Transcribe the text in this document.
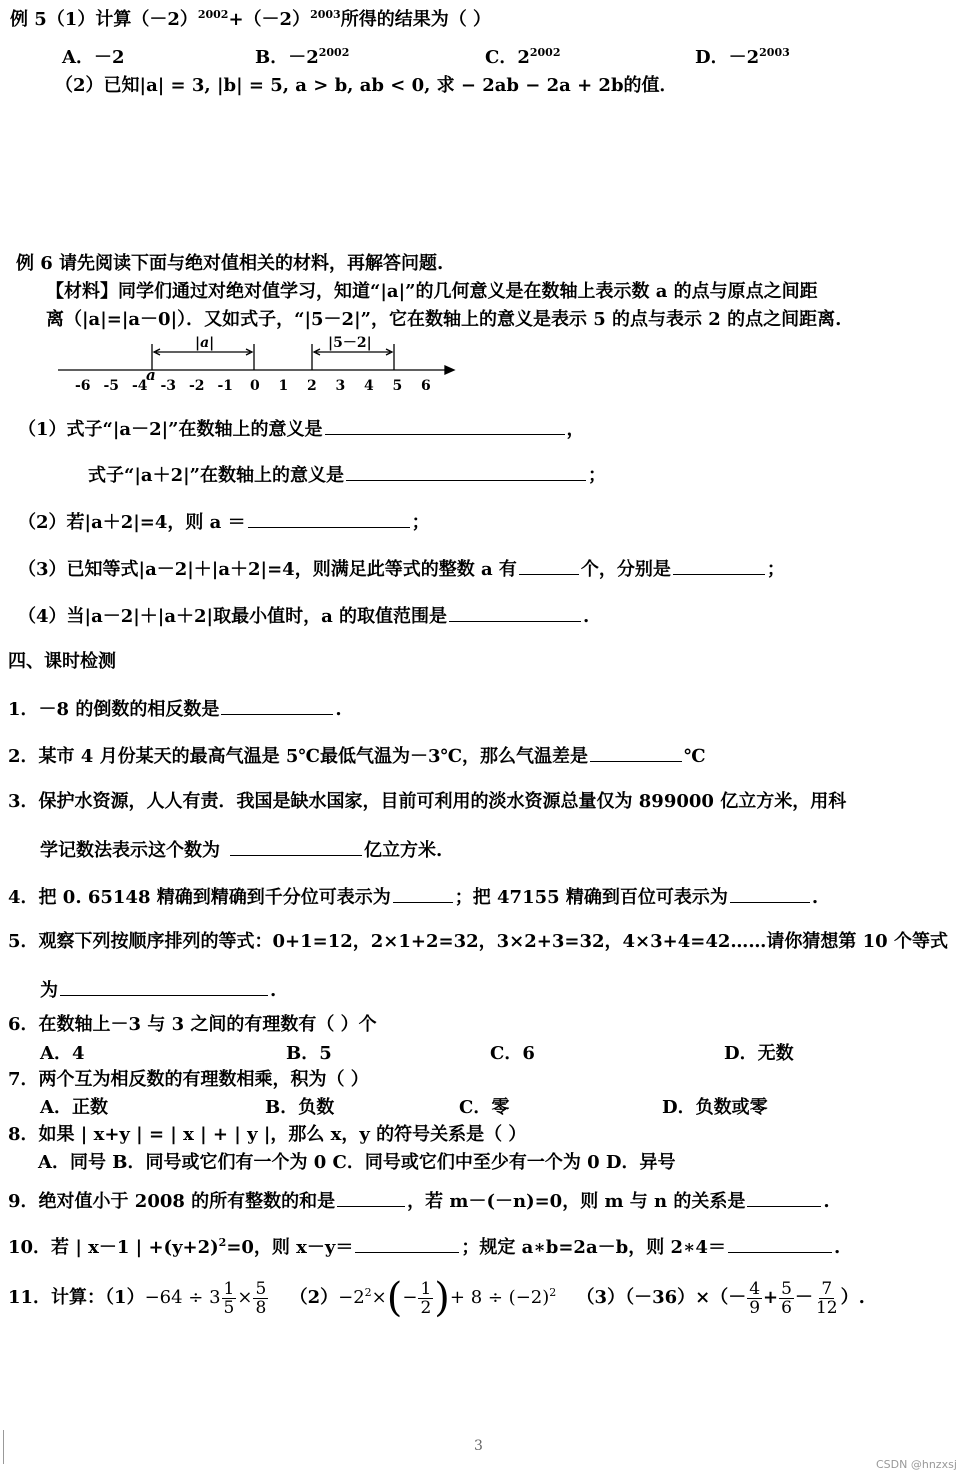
例 5（1）计算$(-2)^{2002}+(-2)^{2003}$所得的结果为（ ）
A．－2	B．$-2^{2002}$	C．$2^{2002}$	D．$-2^{2003}$
（2）已知|a| = 3, |b| = 5, a > b, ab < 0, 求 − 2ab − 2a + 2b的值．
例 6 请先阅读下面与绝对值相关的材料，再解答问题.
【材料】同学们通过对绝对值学习，知道“|a|”的几何意义是在数轴上表示数 a 的点与原点之间距
离（|a|=|a－0|）．又如式子，“|5－2|”，它在数轴上的意义是表示 5 的点与表示 2 的点之间距离.
|a|	|5－2|
a
-6 -5 -4 -3 -2 -1 0 1 2 3 4 5 6
（1）式子“|a－2|”在数轴上的意义是	，
式子“|a＋2|”在数轴上的意义是	；
（2）若|a＋2|=4，则 a ＝	；
（3）已知等式|a－2|＋|a＋2|=4，则满足此等式的整数 a 有	个，分别是	；
（4）当|a－2|＋|a＋2|取最小值时，a 的取值范围是	.
四、课时检测
1．－8 的倒数的相反数是	.
2．某市 4 月份某天的最高气温是 5℃最低气温为－3℃，那么气温差是	℃
3．保护水资源，人人有责．我国是缺水国家，目前可利用的淡水资源总量仅为 899000 亿立方米，用科
学记数法表示这个数为	亿立方米.
4．把 0. 65148 精确到精确到千分位可表示为	；把 47155 精确到百位可表示为	.
5．观察下列按顺序排列的等式：0+1=12，2×1+2=32，3×2+3=32，4×3+4=42……请你猜想第 10 个等式
为	.
6．在数轴上－3 与 3 之间的有理数有（ ）个
A．4	B．5	C．6	D．无数
7．两个互为相反数的有理数相乘，积为（ ）
A．正数	B．负数	C．零	D．负数或零
8．如果 | x+y | = | x | + | y |，那么 x，y 的符号关系是（ ）
A．同号 B．同号或它们有一个为 0 C．同号或它们中至少有一个为 0 D．异号
9．绝对值小于 2008 的所有整数的和是	，若 m－(－n)=0，则 m 与 n 的关系是	.
10．若 | x－1 | $+(y+2)^2=0$，则 x－y＝	；规定 a∗b=2a－b，则 2∗4＝	.
11．计算：$(1)-64 \div 3 \frac{1}{5} \times \frac{5}{8} (2)-2^2\times(- \frac{1}{2}$ )+ $8 \div (-2)^2$ $(3)(-36)\times(- \frac{4}{9} + \frac{5}{6} - \frac{7}{12}$ ）.
3
CSDN @hnzxsj
